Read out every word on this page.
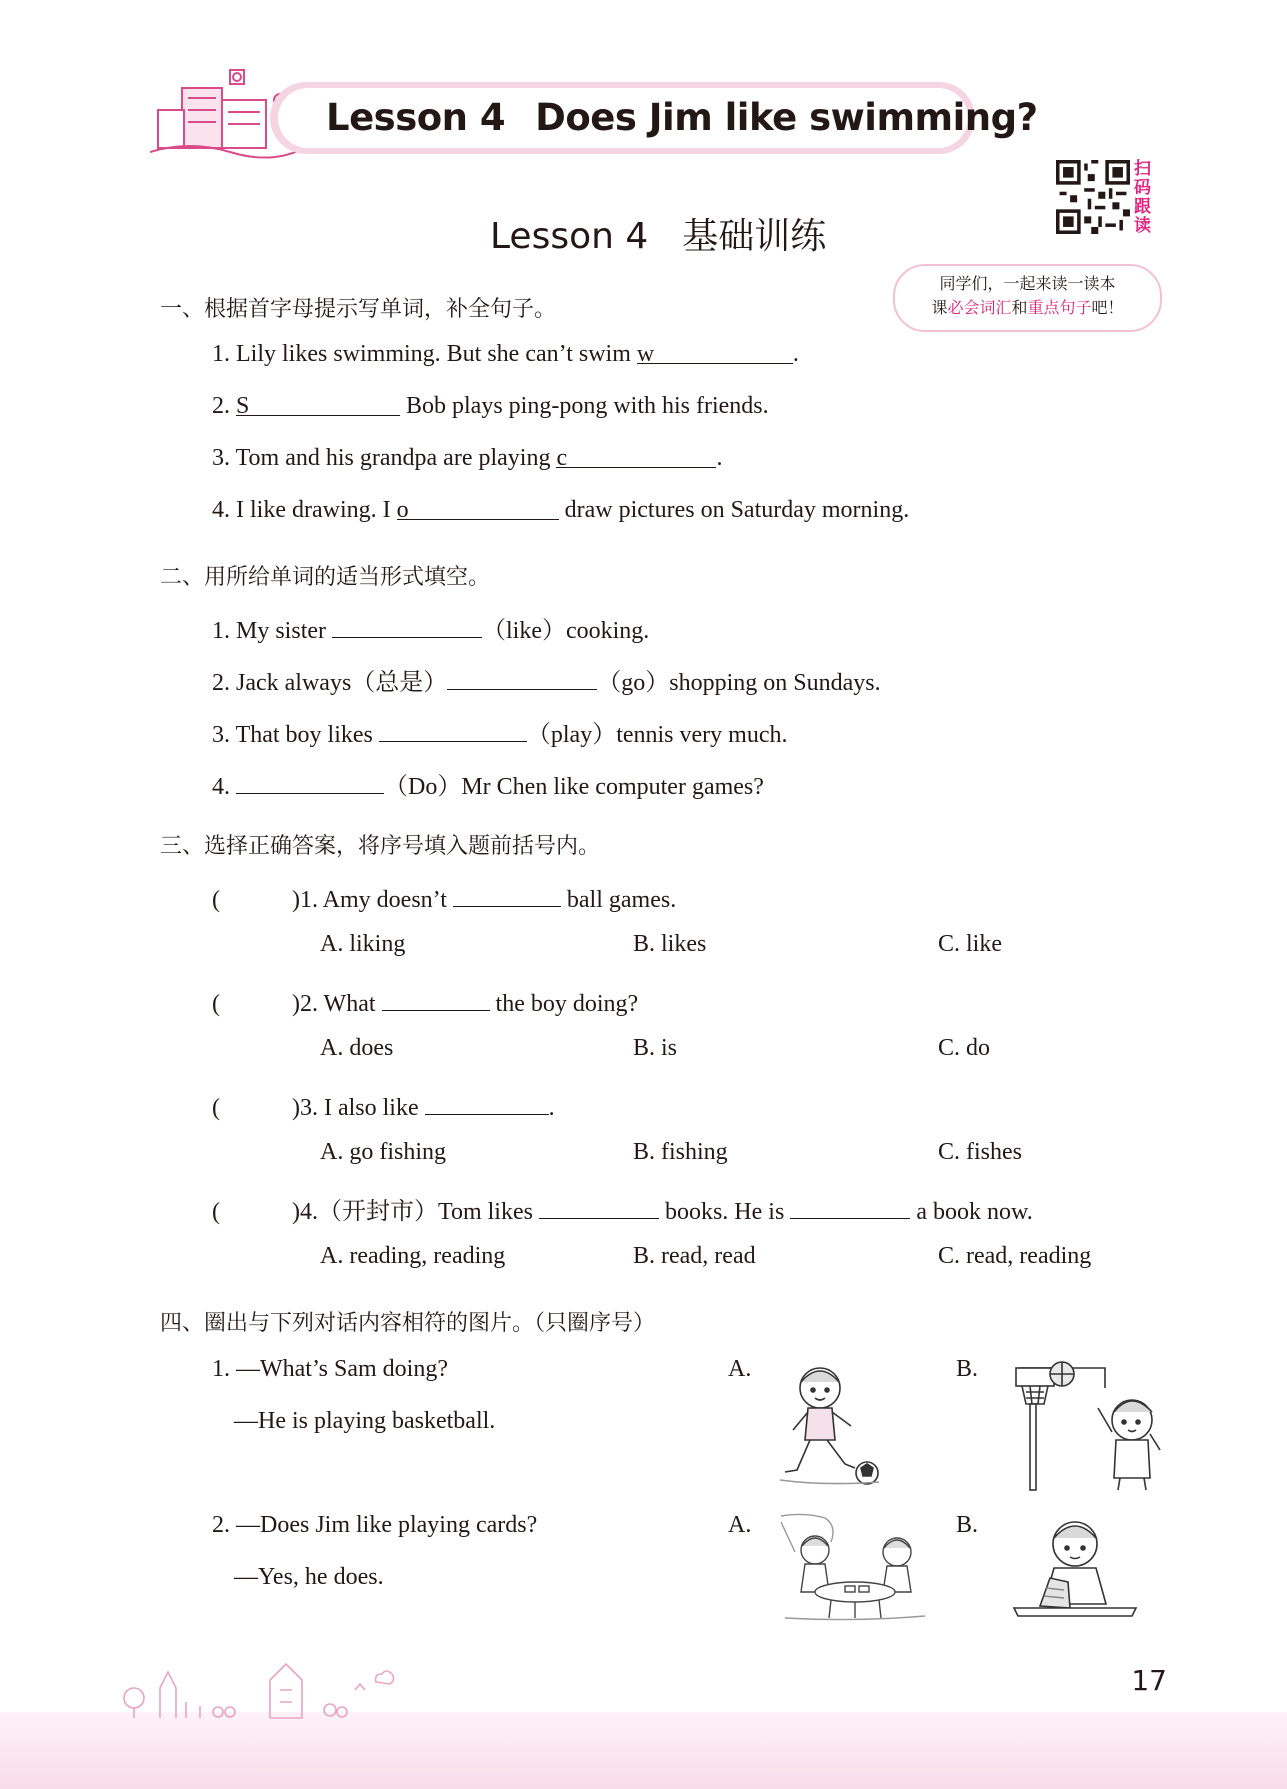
Lesson 4 Does Jim like swimming?
Lesson 4 基础训练
扫
码
跟
读
同学们，一起来读一读本
课必会词汇和重点句子吧！
一、根据首字母提示写单词，补全句子。
1. Lily likes swimming. But she can’t swim w	.
2. S	Bob plays ping-pong with his friends.
3. Tom and his grandpa are playing c	.
4. I like drawing. I o	draw pictures on Saturday morning.
二、用所给单词的适当形式填空。
1. My sister	（like）cooking.
2. Jack always（总是）	（go）shopping on Sundays.
3. That boy likes	（play）tennis very much.
4.	（Do）Mr Chen like computer games?
三、选择正确答案，将序号填入题前括号内。
(　　　)1. Amy doesn’t	ball games.
A. liking	B. likes	C. like
(　　　)2. What	the boy doing?
A. does	B. is	C. do
(　　　)3. I also like	.
A. go fishing	B. fishing	C. fishes
(　　　)4.（开封市）Tom likes	books. He is	a book now.
A. reading, reading	B. read, read	C. read, reading
四、圈出与下列对话内容相符的图片。（只圈序号）
1. —What’s Sam doing?
—He is playing basketball.
A.	B.
2. —Does Jim like playing cards?
—Yes, he does.
A.	B.
17
